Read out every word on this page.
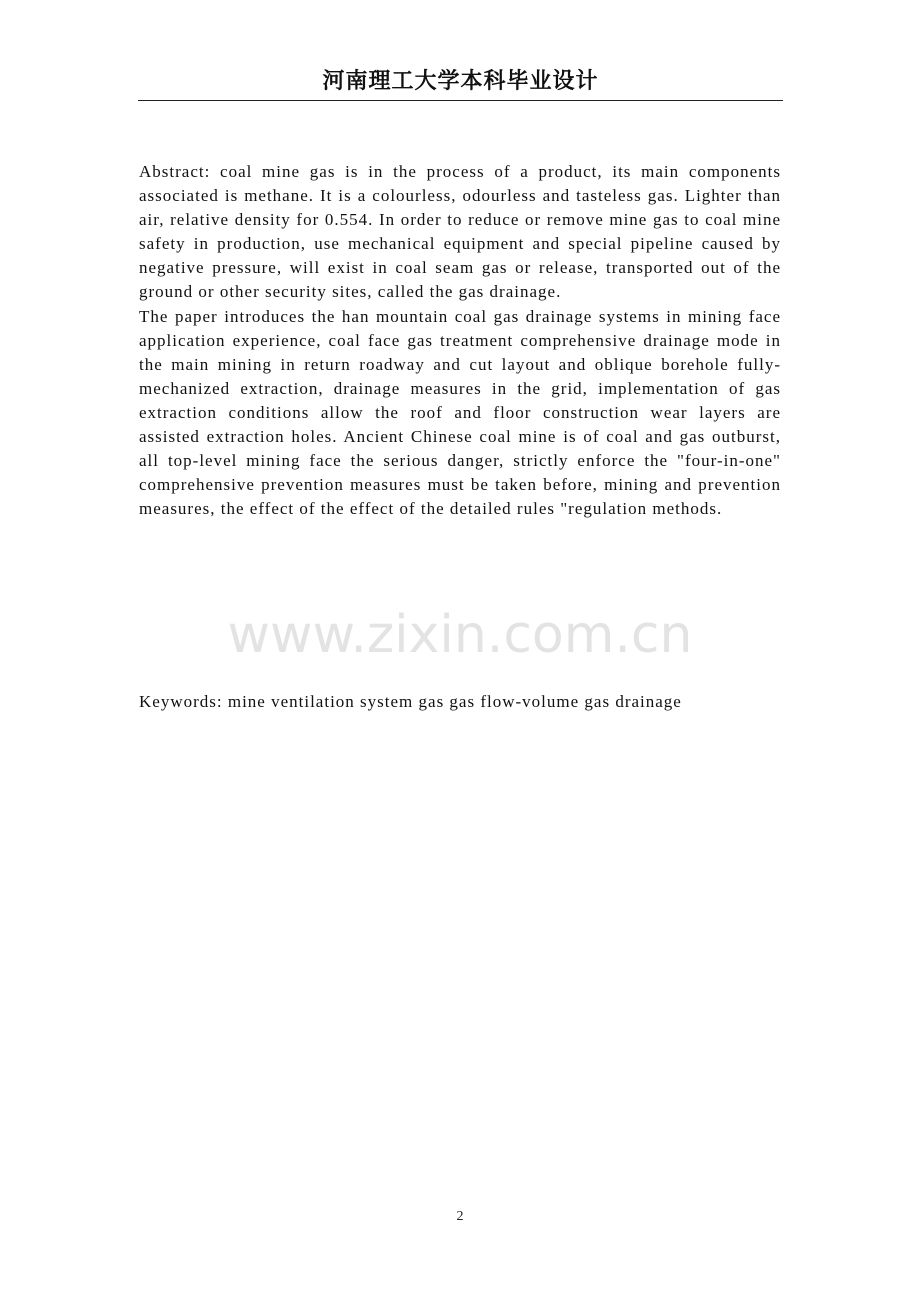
河南理工大学本科毕业设计

Abstract: coal mine gas is in the process of a product, its main components associated is methane. It is a colourless, odourless and tasteless gas. Lighter than air, relative density for 0.554. In order to reduce or remove mine gas to coal mine safety in production, use mechanical equipment and special pipeline caused by negative pressure, will exist in coal seam gas or release, transported out of the ground or other security sites, called the gas drainage.

The paper introduces the han mountain coal gas drainage systems in mining face application experience, coal face gas treatment comprehensive drainage mode in the main mining in return roadway and cut layout and oblique borehole fully-mechanized extraction, drainage measures in the grid, implementation of gas extraction conditions allow the roof and floor construction wear layers are assisted extraction holes. Ancient Chinese coal mine is of coal and gas outburst, all top-level mining face the serious danger, strictly enforce the "four-in-one" comprehensive prevention measures must be taken before, mining and prevention measures, the effect of the effect of the detailed rules "regulation methods.

www.zixin.com.cn
Keywords: mine ventilation system gas gas flow-volume gas drainage
2
